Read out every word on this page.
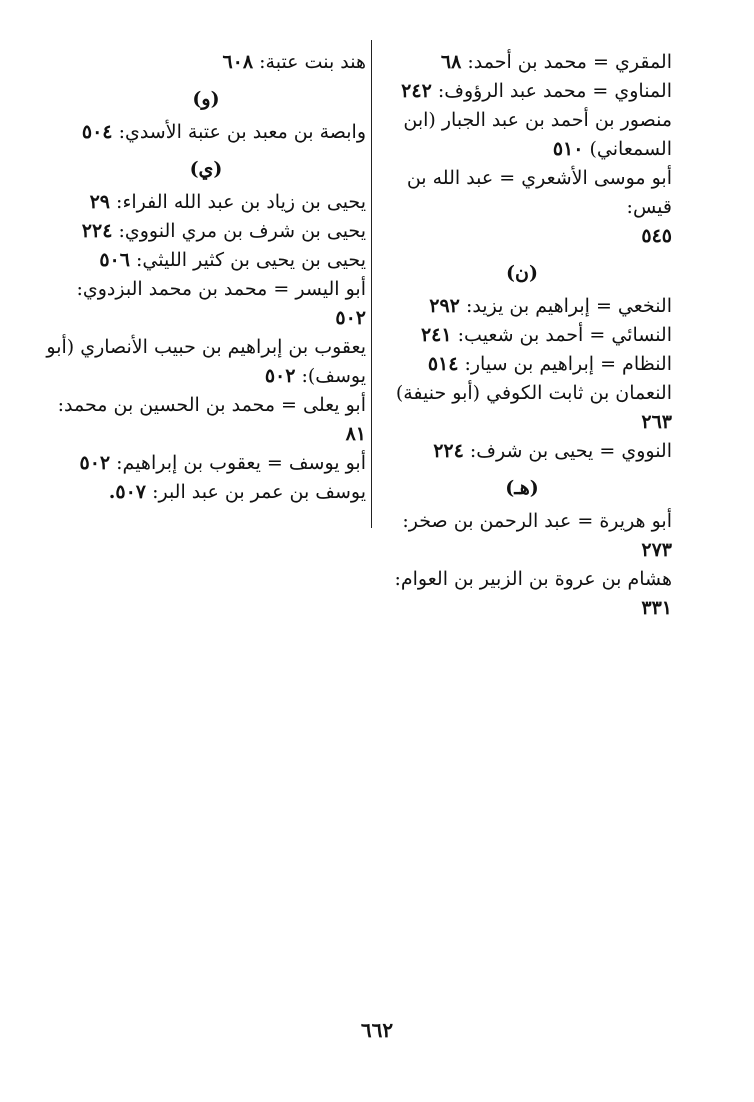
المقري = محمد بن أحمد: ٦٨
المناوي = محمد عبد الرؤوف: ٢٤٢
منصور بن أحمد بن عبد الجبار (ابن السمعاني) ٥١٠
أبو موسى الأشعري = عبد الله بن قيس:
٥٤٥
(ن)
النخعي = إبراهيم بن يزيد: ٢٩٢
النسائي = أحمد بن شعيب: ٢٤١
النظام = إبراهيم بن سيار: ٥١٤
النعمان بن ثابت الكوفي (أبو حنيفة) ٢٦٣
النووي = يحيى بن شرف: ٢٢٤
(هـ)
أبو هريرة = عبد الرحمن بن صخر: ٢٧٣
هشام بن عروة بن الزبير بن العوام: ٣٣١
هند بنت عتبة: ٦٠٨
(و)
وابصة بن معبد بن عتبة الأسدي: ٥٠٤
(ي)
يحيى بن زياد بن عبد الله الفراء: ٢٩
يحيى بن شرف بن مري النووي: ٢٢٤
يحيى بن يحيى بن كثير الليثي: ٥٠٦
أبو اليسر = محمد بن محمد البزدوي:
٥٠٢
يعقوب بن إبراهيم بن حبيب الأنصاري (أبو يوسف): ٥٠٢
أبو يعلى = محمد بن الحسين بن محمد:
٨١
أبو يوسف = يعقوب بن إبراهيم: ٥٠٢
يوسف بن عمر بن عبد البر: ٥٠٧.
٦٦٢
